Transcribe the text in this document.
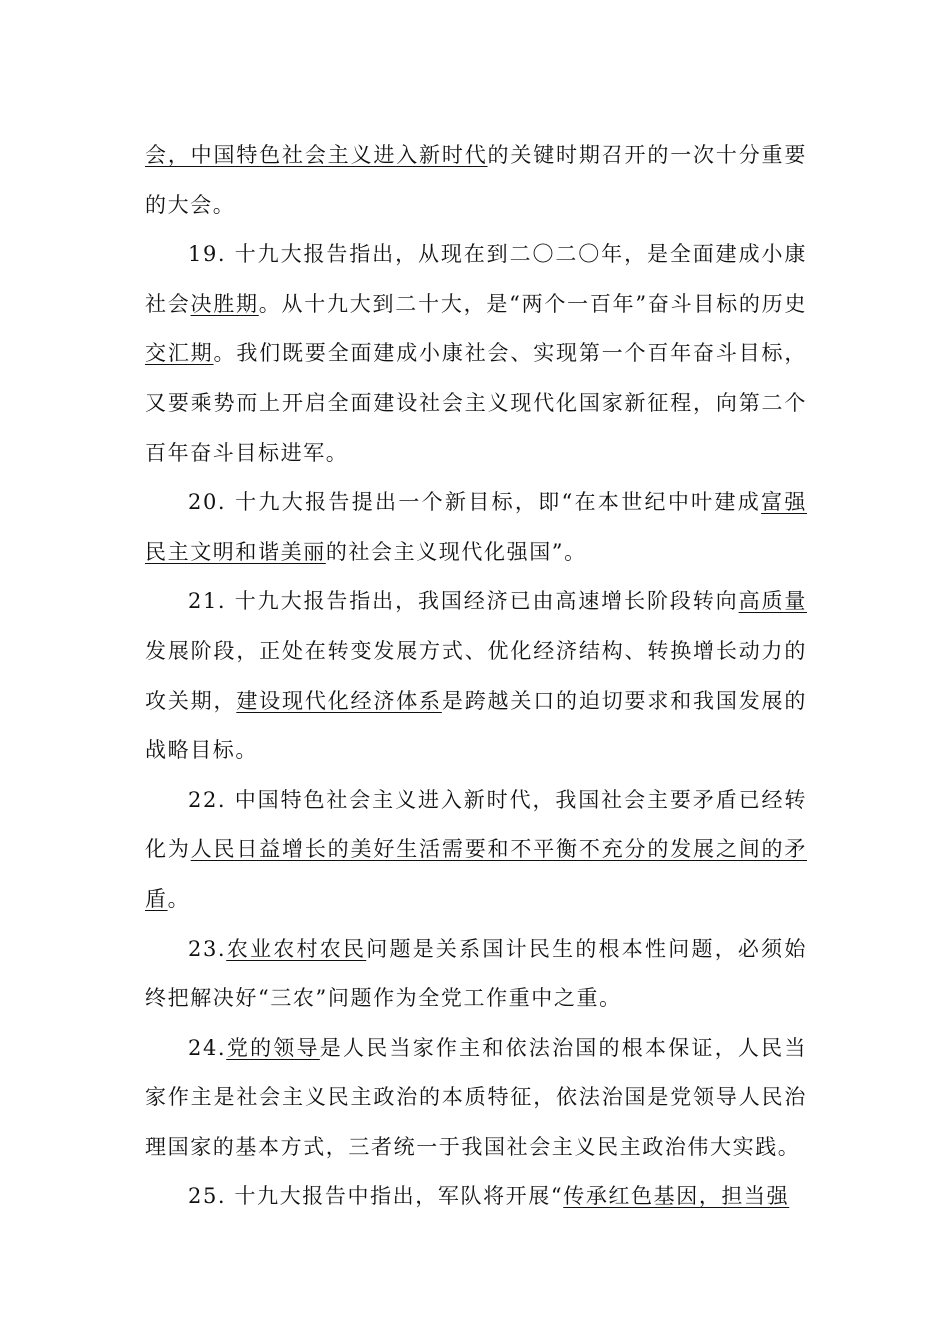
会，中国特色社会主义进入新时代的关键时期召开的一次十分重要的大会。

19. 十九大报告指出，从现在到二〇二〇年，是全面建成小康社会决胜期。从十九大到二十大，是“两个一百年”奋斗目标的历史交汇期。我们既要全面建成小康社会、实现第一个百年奋斗目标，又要乘势而上开启全面建设社会主义现代化国家新征程，向第二个百年奋斗目标进军。

20. 十九大报告提出一个新目标，即“在本世纪中叶建成富强民主文明和谐美丽的社会主义现代化强国”。

21. 十九大报告指出，我国经济已由高速增长阶段转向高质量发展阶段，正处在转变发展方式、优化经济结构、转换增长动力的攻关期，建设现代化经济体系是跨越关口的迫切要求和我国发展的战略目标。

22. 中国特色社会主义进入新时代，我国社会主要矛盾已经转化为人民日益增长的美好生活需要和不平衡不充分的发展之间的矛盾。

23.农业农村农民问题是关系国计民生的根本性问题，必须始终把解决好“三农”问题作为全党工作重中之重。

24.党的领导是人民当家作主和依法治国的根本保证，人民当家作主是社会主义民主政治的本质特征，依法治国是党领导人民治理国家的基本方式，三者统一于我国社会主义民主政治伟大实践。

25. 十九大报告中指出，军队将开展“传承红色基因，担当强
